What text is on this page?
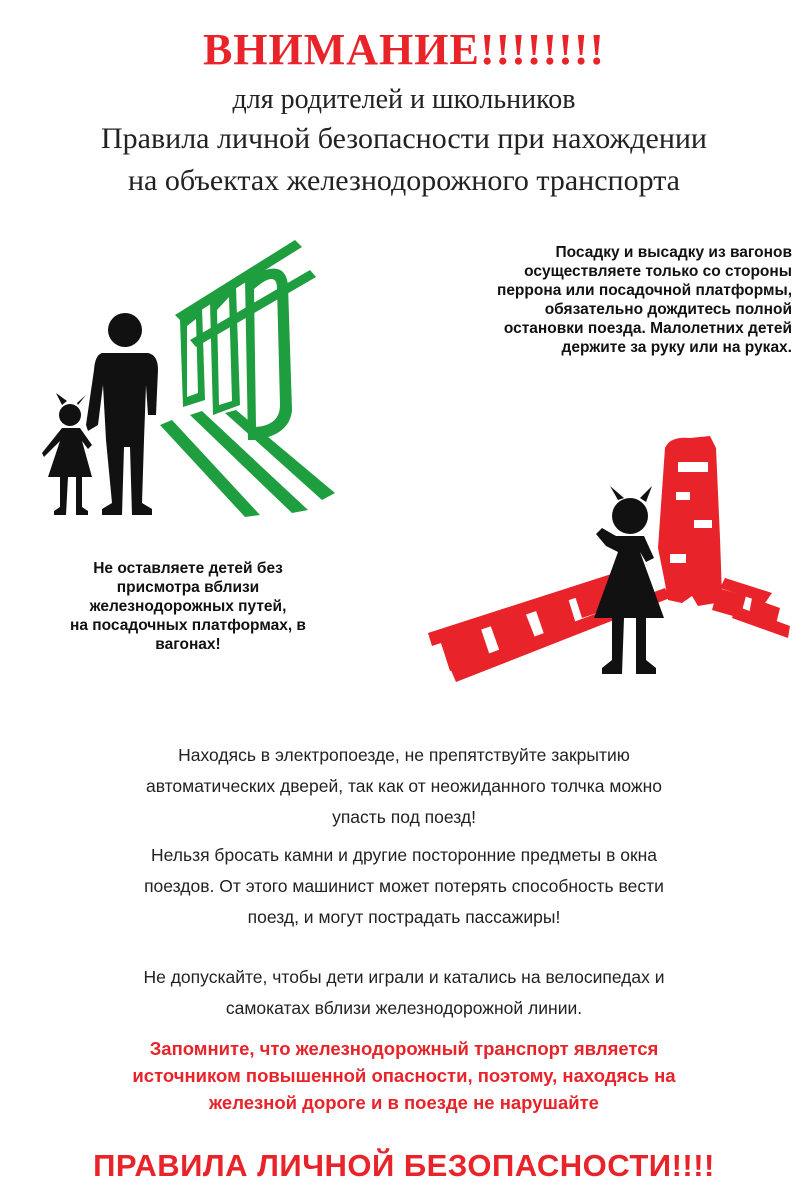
ВНИМАНИЕ!!!!!!!!
для родителей и школьников
Правила личной безопасности при нахождении
на объектах железнодорожного транспорта
Посадку и высадку из вагонов
осуществляете только со стороны
перрона или посадочной платформы,
обязательно дождитесь полной
остановки поезда. Малолетних детей
держите за руку или на руках.
Не оставляете детей без
присмотра вблизи
железнодорожных путей,
на посадочных платформах, в
вагонах!
Находясь в электропоезде, не препятствуйте закрытию
автоматических дверей, так как от неожиданного толчка можно
упасть под поезд!
Нельзя бросать камни и другие посторонние предметы в окна
поездов. От этого машинист может потерять способность вести
поезд, и могут пострадать пассажиры!
Не допускайте, чтобы дети играли и катались на велосипедах и
самокатах вблизи железнодорожной линии.
Запомните, что железнодорожный транспорт является
источником повышенной опасности, поэтому, находясь на
железной дороге и в поезде не нарушайте
ПРАВИЛА ЛИЧНОЙ БЕЗОПАСНОСТИ!!!!
